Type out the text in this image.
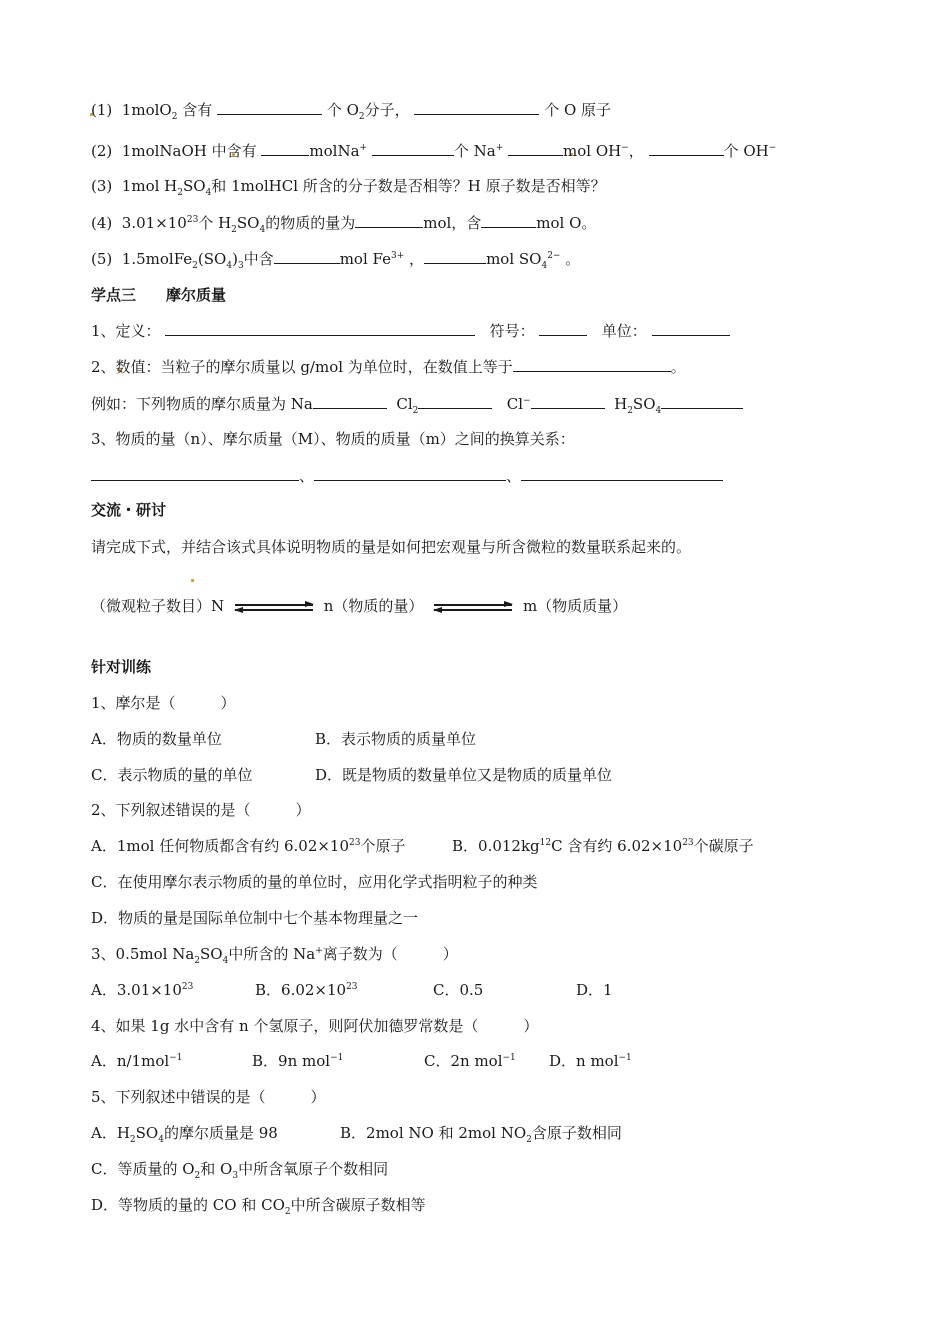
(1) 1molO$_2$ 含有	个 $O_2$分子，	个 O 原子
(2) 1molNaOH 中含有	molNa+	个 Na+	mol OH−，	个 OH−
(3) 1mol $H_2SO_4$和 1molHCl 所含的分子数是否相等？H 原子数是否相等？
(4) $3.01\times 10^{23}$个 $H_2SO_4$的物质的量为	mol，含	mol O。
(5) $1.5molFe_2(SO_4)_3$中含	mol $Fe^{3+}$ ，	mol $SO_4^{2-}$ 。
学点三　　摩尔质量
1、定义：	符号：	单位：
2、数值：当粒子的摩尔质量以 g/mol 为单位时，在数值上等于	。
例如：下列物质的摩尔质量为 Na	$Cl_2$	Cl−	$H_2SO_4$
3、物质的量（n）、摩尔质量（M）、物质的质量（m）之间的换算关系：
、	、
交流・研讨
请完成下式，并结合该式具体说明物质的量是如何把宏观量与所含微粒的数量联系起来的。
（微观粒子数目）N	n（物质的量）	m（物质质量）
针对训练
1、摩尔是（　　　）
A．物质的数量单位	B．表示物质的质量单位
C．表示物质的量的单位	D．既是物质的数量单位又是物质的质量单位
2、下列叙述错误的是（　　　）
A．1mol 任何物质都含有约 $6.02\times 10^{23}$个原子	B．$0.012kg^{12}C$ 含有约 $6.02\times 10^{23}$个碳原子
C．在使用摩尔表示物质的量的单位时，应用化学式指明粒子的种类
D．物质的量是国际单位制中七个基本物理量之一
3、0.5mol $Na_2SO_4$中所含的 Na+离子数为（　　　）
A．$3.01\times 10^{23}$	B．$6.02\times 10^{23}$	C．0.5	D．1
4、如果 1g 水中含有 n 个氢原子，则阿伏加德罗常数是（　　　）
A．n/1mol$^{-1}$	B．9n mol$^{-1}$	C．2n mol$^{-1}$ D．n mol$^{-1}$
5、下列叙述中错误的是（　　　）
A．$H_2SO_4$的摩尔质量是 98	B．2mol NO 和 2mol $NO_2$含原子数相同
C．等质量的 $O_2$和 $O_3$中所含氧原子个数相同
D．等物质的量的 CO 和 $CO_2$中所含碳原子数相等
